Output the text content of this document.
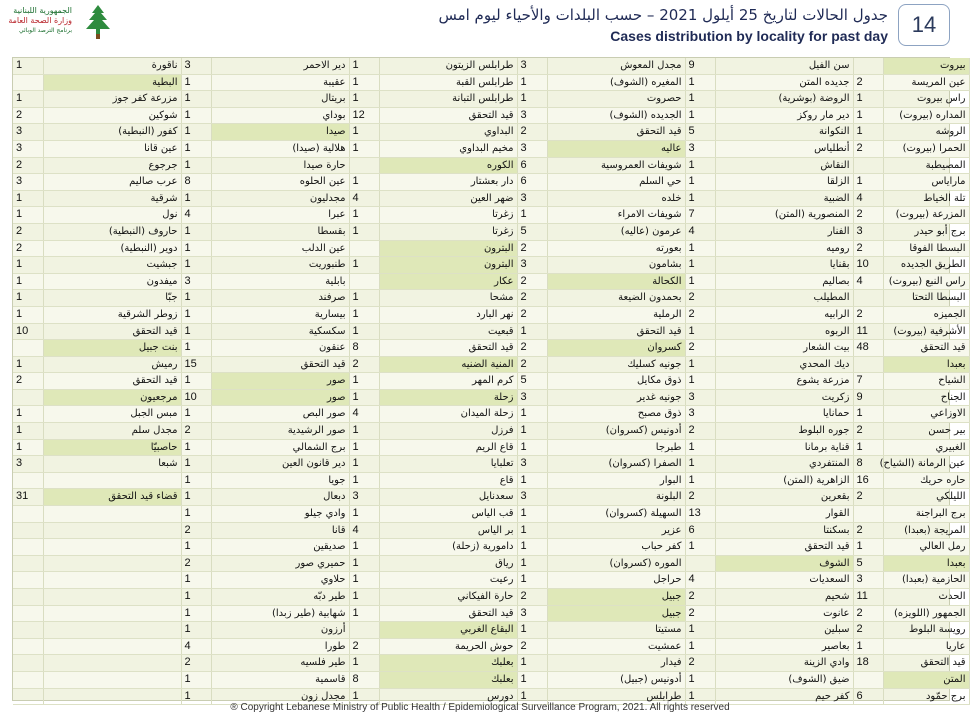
الجمهورية اللبنانية
وزارة الصحة العامة
برنامج الترصد الوبائي
جدول الحالات لتاريخ 25 أيلول 2021 – حسب البلدات والأحياء ليوم امس
Cases distribution by locality for past day	14
1	ناقورة	3	دير الاحمر	1	طرابلس الزيتون	3	مجدل المعوش	9	سن الفيل		بيروت
	البطية	1	عقيبة	1	طرابلس القبة	1	المغيره (الشوف)	1	جديده المتن	2	عين المريسة
1	مزرعة كفر جوز	1	بريتال	1	طرابلس التبانة	1	حصروت	1	الروضة (بوشرية)	1	راس بيروت
2	شوكين	1	بوداي	12	قيد التحقق	3	الجديده (الشوف)	1	دير مار روكز	1	المداره (بيروت)
3	كفور (النبطية)	1	صيدا	1	البداوي	2	قيد التحقق	5	النكوانة	1	الروشه
3	عين قانا	1	هلالية (صيدا)	1	مخيم البداوي	3	عاليه	3	أنطلياس	2	الحمرا (بيروت)
2	جرجوع	1	حارة صيدا		الكوره	6	شويفات العمروسية	1	النقاش		المصيطبة
3	عرب صاليم	8	عين الحلوه	1	دار بعشتار	6	حي السلم	1	الزلقا	1	ماراياس
1	شرقية	1	مجدليون	4	ضهر العين	3	خلده	1	الضبية	4	تلة الخياط
1	نول	4	عبرا	1	زغرتا	1	شويفات الامراء	7	المنصورية (المتن)	2	المزرعة (بيروت)
2	حاروف (النبطية)	1	بقسطا	1	زغرتا	5	عرمون (عاليه)	4	الفنار	3	برج أبو حيدر
2	دوير (النبطية)	1	عين الدلب		البترون	2	بعورته	1	روميه	2	البسطا الفوقا
1	جبشيت	1	طنبوريت	1	البترون	3	بشامون	1	بقنايا	10	الطريق الجديده
1	ميفدون	3	بابلية		عكار	2	الكحالة	1	بصاليم	4	راس النبع (بيروت)
1	جبّا	1	صرفند	1	مشحا	2	بحمدون الضيعة	2	المطيلب		البسطا التحتا
1	زوطر الشرقية	1	بيسارية	1	نهر البارد	2	الرملية	2	الرابيه	2	الجميزه
10	قيد التحقق	1	سكسكية	1	قبعيت	1	قيد التحقق	1	الربوه	11	الأشرفية (بيروت)
	بنت جبيل	1	عنقون	8	قيد التحقق	2	كسروان	2	بيت الشعار	48	قيد التحقق
1	رميش	15	قيد التحقق	2	المنية الضنيه	2	جونيه كسليك	1	ديك المحدي		بعبدا
2	قيد التحقق	1	صور	1	كرم المهر	5	ذوق مكايل	1	مزرعة يشوع	7	الشياح
	مرجعيون	10	صور	1	زحلة	3	جونيه غدير	3	زكريت	9	الجناح
1	مبس الجبل	1	صور البص	4	زحلة الميدان	1	ذوق مصبح	3	حمانايا	1	الاوزاعي
1	مجدل سلم	2	صور الرشيدية	1	فرزل	1	أدونيس (كسروان)	2	جوره البلوط	2	بير حسن
1	حاصبيّا	1	برج الشمالي	1	قاع الريم	1	طبرجا	1	قناية برمانا	1	الغبيري
3	شبعا	1	دير قانون العين	1	تعلبايا	3	الصفرا (كسروان)	1	المنتفردي	8	عين الرمانة (الشياح)
		1	جويا	1	قاع	1	البوار	1	الزاهرية (المتن)	16	حاره حريك
31	قضاء قيد التحقق	1	دبعال	3	سعدنايل	3	البلونة	2	بقعرين	2	الليلكي
		1	وادي جيلو	1	قب الياس	1	السهيلة (كسروان)	13	القوار		برج البراجنة
		2	قانا	4	بر الياس	1	عزير	6	بسكنتا	2	المريجة (بعبدا)
		1	صديقين	1	دامورية (زحلة)	1	كفر حباب	1	قيد التحقق	1	رمل العالي
		2	حميري صور	1	رياق	1	الموره (كسروان)		الشوف	5	بعبدا
		1	حلاوي	1	رعيت	1	حراجل	4	السعديات	3	الحازمية (بعبدا)
		1	طير دبّه	1	حارة الفيكاني	2	جبيل	2	شحيم	11	الحدث
		1	شهابية (طير زبدا)	1	قيد التحقق	3	جبيل	2	عانوت	2	الجمهور (اللويزه)
		1	أرزون		البقاع الغربي	1	مستيتا	1	سبلين	2	رويسة البلوط
		4	طورا	2	حوش الحريمة	2	عمشيت	1	بعاصير	1	عاريا
		2	طير فلسيه	1	بعلبك	1	فيدار	2	وادي الزينة	18	قيد التحقق
		1	قاسمية	8	بعلبك	1	أدونيس (جبيل)	1	ضيق (الشوف)		المتن
		1	مجدل زون	1	دورس	1	طرابلس	1	كفر حيم	6	برج حمّود
® Copyright Lebanese Ministry of Public Health / Epidemiological Surveillance Program, 2021. All rights reserved
